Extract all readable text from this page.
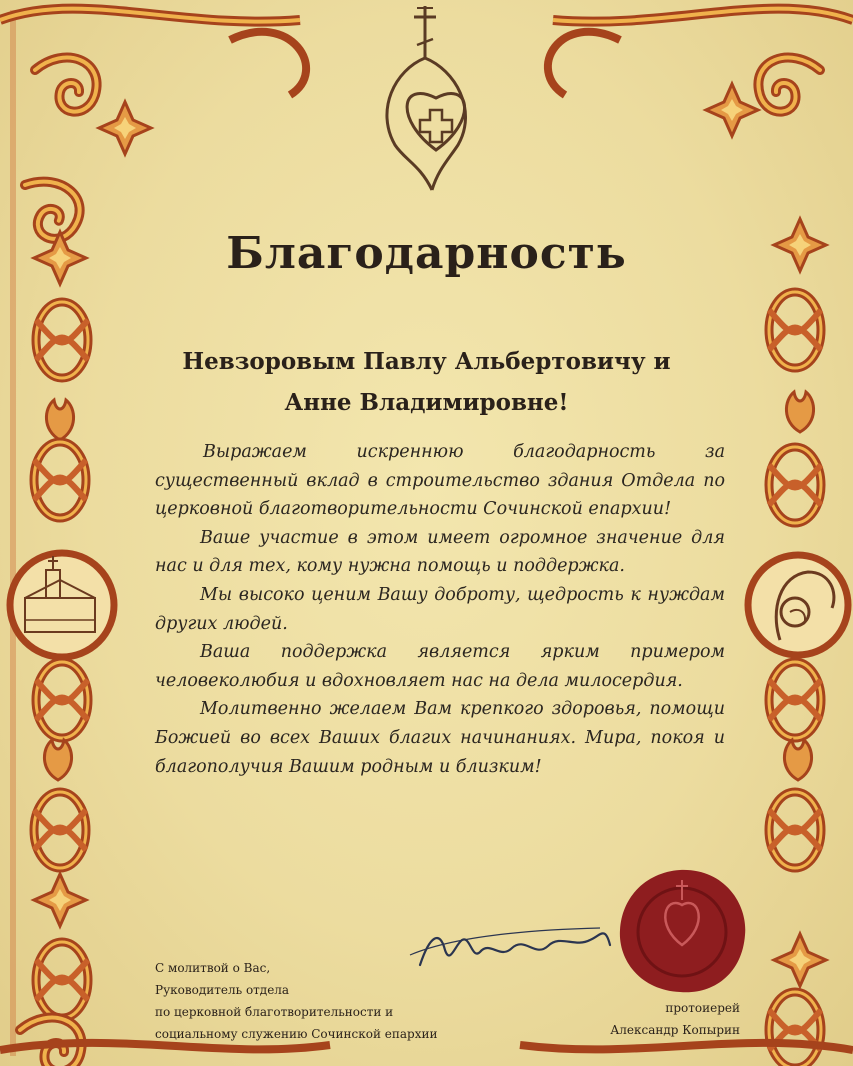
Благодарность
Невзоровым Павлу Альбертовичу и
Анне Владимировне!

Выражаем искреннюю благодарность за существенный вклад в строительство здания Отдела по церковной благотворительности Сочинской епархии!

Ваше участие в этом имеет огромное значение для нас и для тех, кому нужна помощь и поддержка.

Мы высоко ценим Вашу доброту, щедрость к нуждам других людей.

Ваша поддержка является ярким примером человеколюбия и вдохновляет нас на дела милосердия.

Молитвенно желаем Вам крепкого здоровья, помощи Божией во всех Ваших благих начинаниях. Мира, покоя и благополучия Вашим родным и близким!

С молитвой о Вас,
Руководитель отдела
по церковной благотворительности и
социальному служению Сочинской епархии
протоиерей
Александр Копырин
